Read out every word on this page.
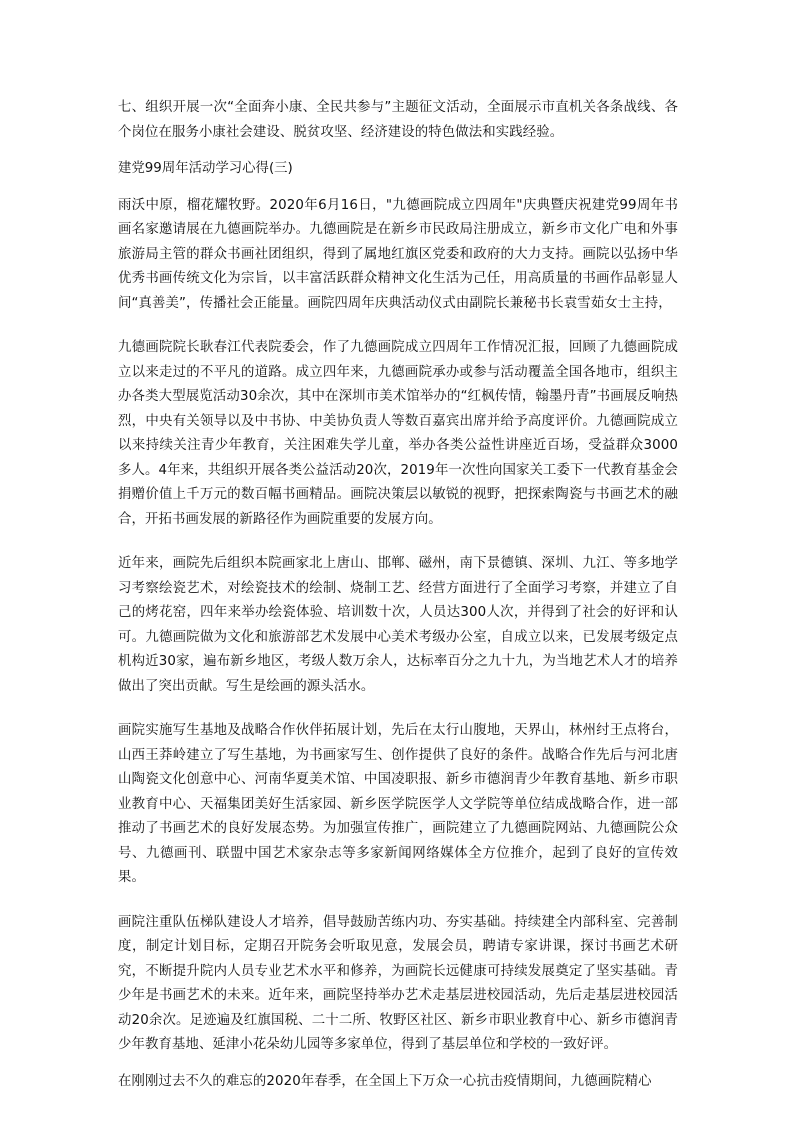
七、组织开展一次“全面奔小康、全民共参与”主题征文活动，全面展示市直机关各条战线、各个岗位在服务小康社会建设、脱贫攻坚、经济建设的特色做法和实践经验。

建党99周年活动学习心得(三)

雨沃中原，榴花耀牧野。2020年6月16日，"九德画院成立四周年"庆典暨庆祝建党99周年书画名家邀请展在九德画院举办。九德画院是在新乡市民政局注册成立，新乡市文化广电和外事旅游局主管的群众书画社团组织，得到了属地红旗区党委和政府的大力支持。画院以弘扬中华优秀书画传统文化为宗旨，以丰富活跃群众精神文化生活为己任，用高质量的书画作品彰显人间“真善美”，传播社会正能量。画院四周年庆典活动仪式由副院长兼秘书长袁雪茹女士主持，

九德画院院长耿春江代表院委会，作了九德画院成立四周年工作情况汇报，回顾了九德画院成立以来走过的不平凡的道路。成立四年来，九德画院承办或参与活动覆盖全国各地市，组织主办各类大型展览活动30余次，其中在深圳市美术馆举办的“红枫传情，翰墨丹青”书画展反响热烈，中央有关领导以及中书协、中美协负责人等数百嘉宾出席并给予高度评价。九德画院成立以来持续关注青少年教育，关注困难失学儿童，举办各类公益性讲座近百场，受益群众3000多人。4年来，共组织开展各类公益活动20次，2019年一次性向国家关工委下一代教育基金会捐赠价值上千万元的数百幅书画精品。画院决策层以敏锐的视野，把探索陶瓷与书画艺术的融合，开拓书画发展的新路径作为画院重要的发展方向。

近年来，画院先后组织本院画家北上唐山、邯郸、磁州，南下景德镇、深圳、九江、等多地学习考察绘瓷艺术，对绘瓷技术的绘制、烧制工艺、经营方面进行了全面学习考察，并建立了自己的烤花窑，四年来举办绘瓷体验、培训数十次，人员达300人次，并得到了社会的好评和认可。九德画院做为文化和旅游部艺术发展中心美术考级办公室，自成立以来，已发展考级定点机构近30家，遍布新乡地区，考级人数万余人，达标率百分之九十九，为当地艺术人才的培养做出了突出贡献。写生是绘画的源头活水。

画院实施写生基地及战略合作伙伴拓展计划，先后在太行山腹地，天界山，林州纣王点将台，山西王莽岭建立了写生基地，为书画家写生、创作提供了良好的条件。战略合作先后与河北唐山陶瓷文化创意中心、河南华夏美术馆、中国凌职报、新乡市德润青少年教育基地、新乡市职业教育中心、天福集团美好生活家园、新乡医学院医学人文学院等单位结成战略合作，进一部推动了书画艺术的良好发展态势。为加强宣传推广，画院建立了九德画院网站、九德画院公众号、九德画刊、联盟中国艺术家杂志等多家新闻网络媒体全方位推介，起到了良好的宣传效果。

画院注重队伍梯队建设人才培养，倡导鼓励苦练内功、夯实基础。持续建全内部科室、完善制度，制定计划目标，定期召开院务会听取见意，发展会员，聘请专家讲课，探讨书画艺术研究，不断提升院内人员专业艺术水平和修养，为画院长远健康可持续发展奠定了坚实基础。青少年是书画艺术的未来。近年来，画院坚持举办艺术走基层进校园活动，先后走基层进校园活动20余次。足迹遍及红旗国税、二十二所、牧野区社区、新乡市职业教育中心、新乡市德润青少年教育基地、延津小花朵幼儿园等多家单位，得到了基层单位和学校的一致好评。

在刚刚过去不久的难忘的2020年春季，在全国上下万众一心抗击疫情期间，九德画院精心
